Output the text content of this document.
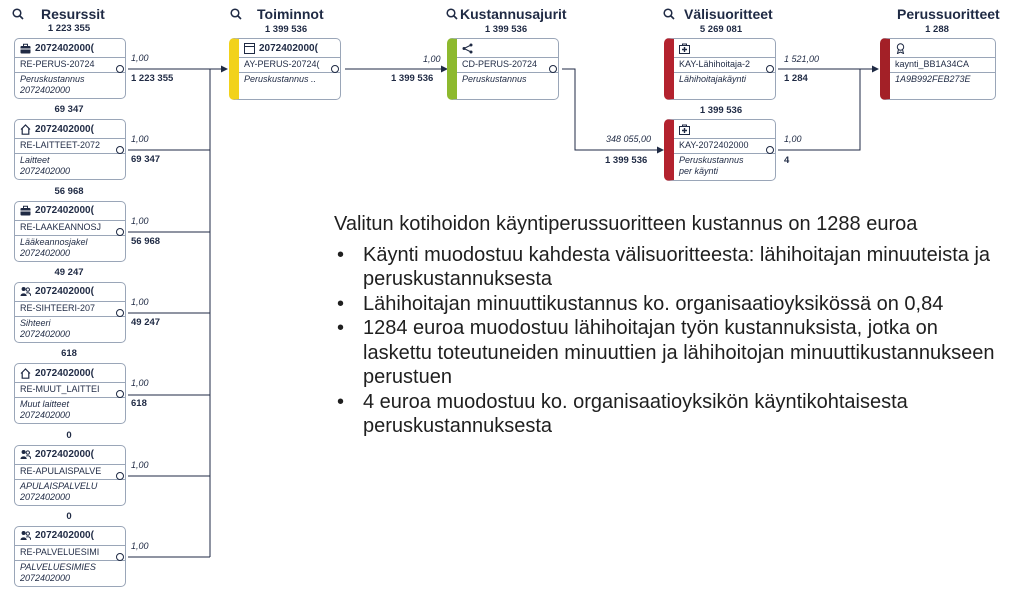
Resurssit	Toiminnot	Kustannusajurit	Välisuoritteet	Perussuoritteet
1 223 355
2072402000(
RE-PERUS-20724
Peruskustannus
2072402000
1,00
1 223 355
69 347
2072402000(
RE-LAITTEET-2072
Laitteet
2072402000
1,00
69 347
56 968
2072402000(
RE-LAAKEANNOSJ
Lääkeannosjakel
2072402000
1,00
56 968
49 247
2072402000(
RE-SIHTEERI-207
Sihteeri
2072402000
1,00
49 247
618
2072402000(
RE-MUUT_LAITTEI
Muut laitteet
2072402000
1,00
618
0
2072402000(
RE-APULAISPALVE
APULAISPALVELU
2072402000
1,00
0
2072402000(
RE-PALVELUESIMI
PALVELUESIMIES
2072402000
1,00
1 399 536
2072402000(
AY-PERUS-20724(
Peruskustannus ..
1,00
1 399 536
1 399 536
CD-PERUS-20724
Peruskustannus
348 055,00
1 399 536
5 269 081
KAY-Lähihoitaja-2
Lähihoitajakäynti
1 521,00
1 284
1 399 536
KAY-2072402000
Peruskustannus
per käynti
1,00
4
1 288
kaynti_BB1A34CA
1A9B992FEB273E
Valitun kotihoidon käyntiperussuoritteen kustannus on 1288 euroa
• Käynti muodostuu kahdesta välisuoritteesta: lähihoitajan minuuteista ja peruskustannuksesta
• Lähihoitajan minuuttikustannus ko. organisaatioyksikössä on 0,84
• 1284 euroa muodostuu lähihoitajan työn kustannuksista, jotka on laskettu toteutuneiden minuuttien ja lähihoitojan minuuttikustannukseen perustuen
• 4 euroa muodostuu ko. organisaatioyksikön käyntikohtaisesta peruskustannuksesta
